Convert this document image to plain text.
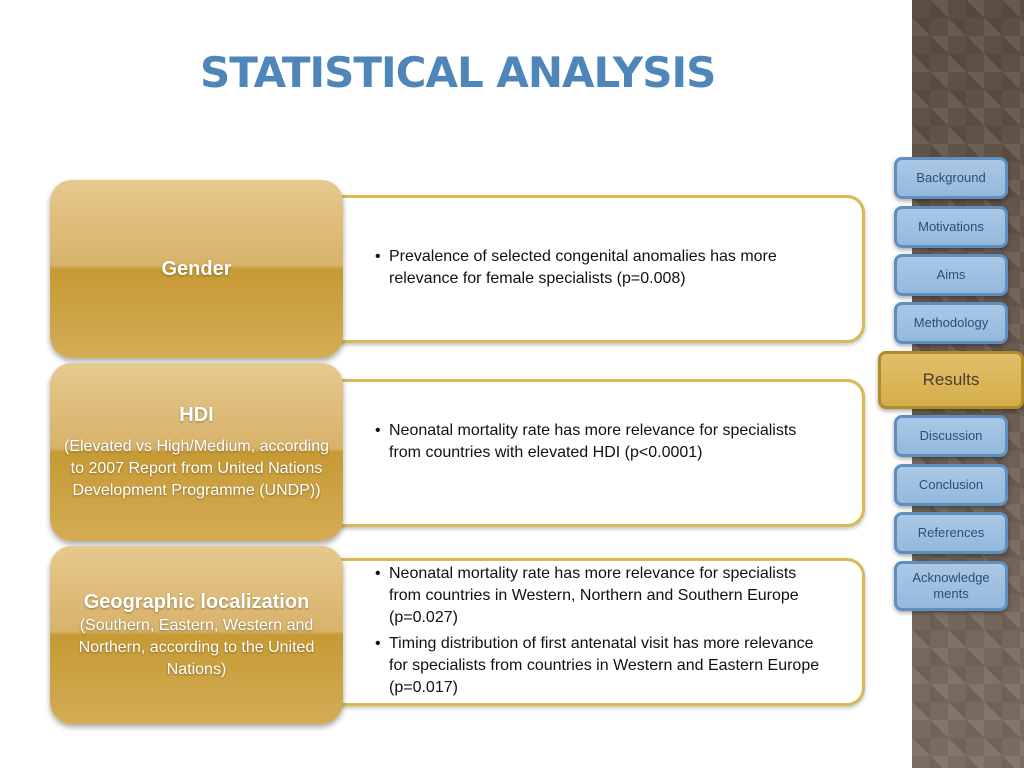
STATISTICAL ANALYSIS
• Prevalence of selected congenital anomalies has more relevance for female specialists (p=0.008)
Gender
• Neonatal mortality rate has more relevance for specialists from countries with elevated HDI (p<0.0001)
HDI
(Elevated vs High/Medium, according to 2007 Report from United Nations Development Programme (UNDP))
• Neonatal mortality rate has more relevance for specialists from countries in Western, Northern and Southern Europe (p=0.027)
• Timing distribution of first antenatal visit has more relevance for specialists from countries in Western and Eastern Europe (p=0.017)
Geographic localization
(Southern, Eastern, Western and Northern, according to the United Nations)
Background
Motivations
Aims
Methodology
Results
Discussion
Conclusion
References
Acknowledgements
